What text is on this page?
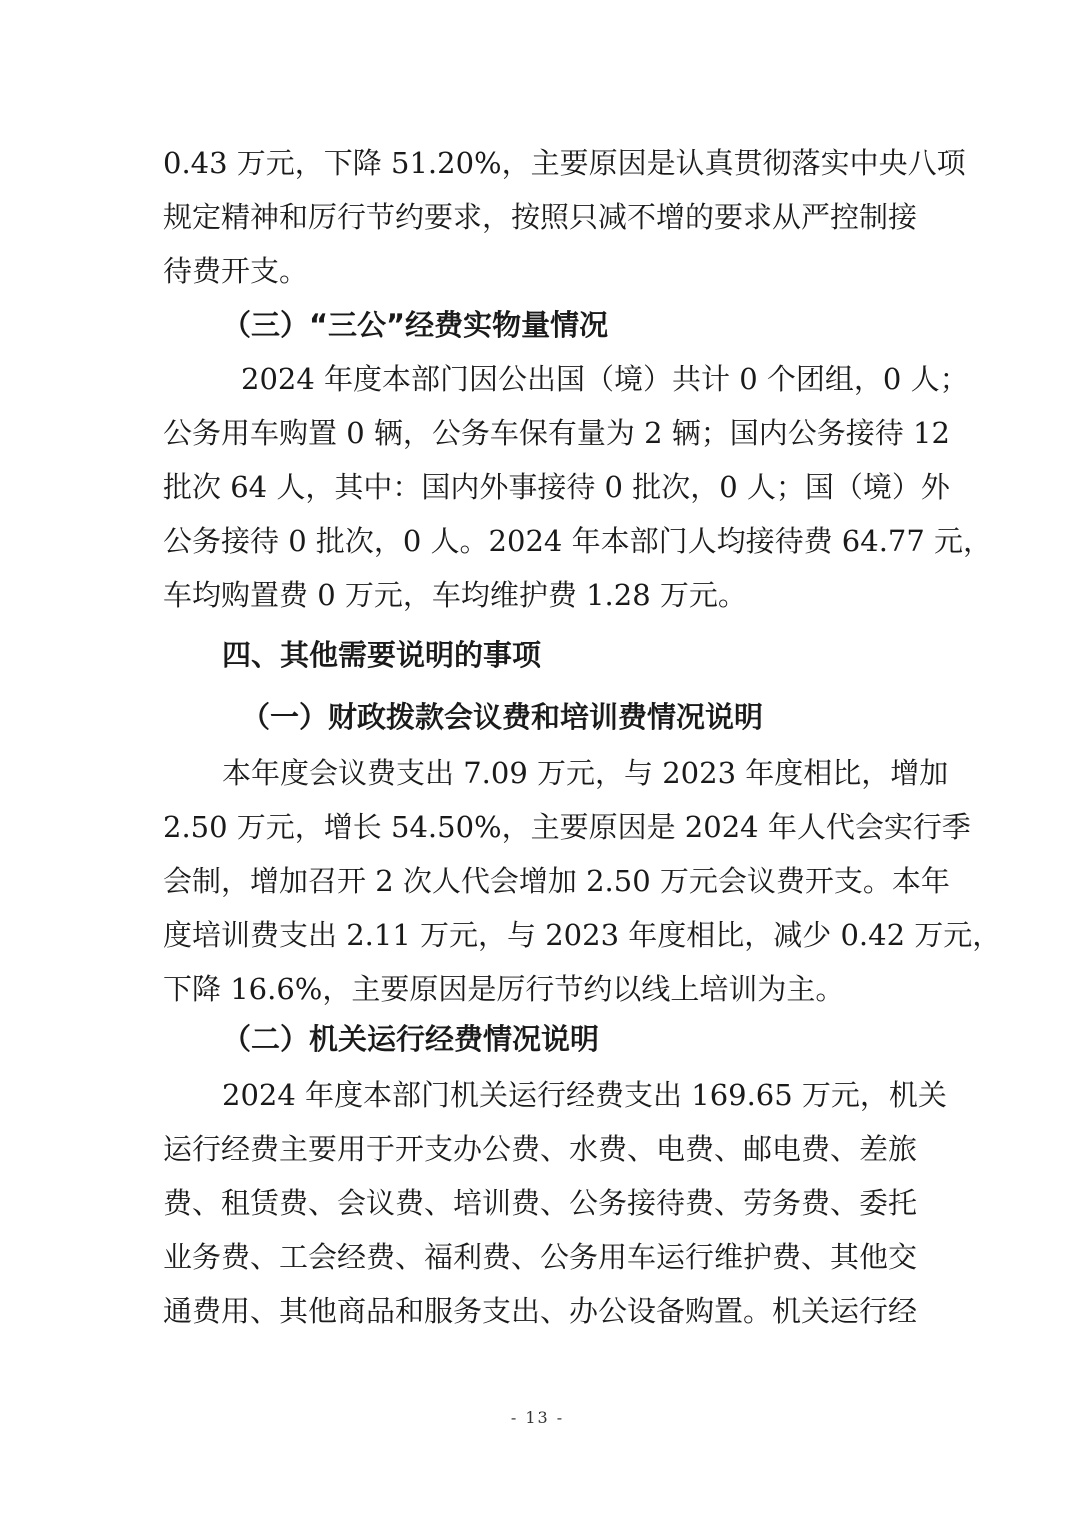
0.43 万元，下降 51.20%，主要原因是认真贯彻落实中央八项
规定精神和厉行节约要求，按照只减不增的要求从严控制接
待费开支。
（三）“三公”经费实物量情况
2024 年度本部门因公出国（境）共计 0 个团组，0 人；
公务用车购置 0 辆，公务车保有量为 2 辆；国内公务接待 12
批次 64 人，其中：国内外事接待 0 批次，0 人；国（境）外
公务接待 0 批次，0 人。2024 年本部门人均接待费 64.77 元，
车均购置费 0 万元，车均维护费 1.28 万元。
四、其他需要说明的事项
（一）财政拨款会议费和培训费情况说明
本年度会议费支出 7.09 万元，与 2023 年度相比，增加
2.50 万元，增长 54.50%，主要原因是 2024 年人代会实行季
会制，增加召开 2 次人代会增加 2.50 万元会议费开支。本年
度培训费支出 2.11 万元，与 2023 年度相比，减少 0.42 万元，
下降 16.6%，主要原因是厉行节约以线上培训为主。
（二）机关运行经费情况说明
2024 年度本部门机关运行经费支出 169.65 万元，机关
运行经费主要用于开支办公费、水费、电费、邮电费、差旅
费、租赁费、会议费、培训费、公务接待费、劳务费、委托
业务费、工会经费、福利费、公务用车运行维护费、其他交
通费用、其他商品和服务支出、办公设备购置。机关运行经
- 13 -
